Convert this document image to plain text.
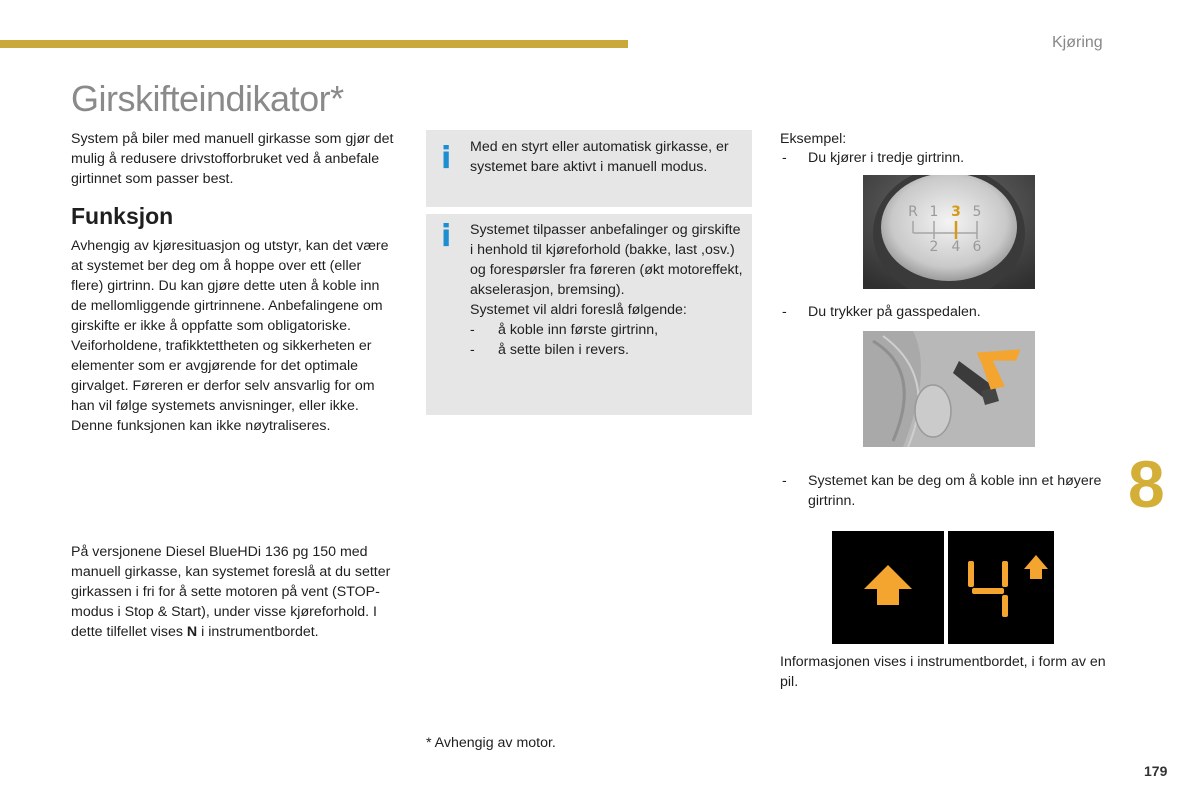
Kjøring
Girskifteindikator*

System på biler med manuell girkasse som gjør det mulig å redusere drivstofforbruket ved å anbefale girtinnet som passer best.

Funksjon

Avhengig av kjøresituasjon og utstyr, kan det være at systemet ber deg om å hoppe over ett (eller flere) girtrinn. Du kan gjøre dette uten å koble inn de mellomliggende girtrinnene. Anbefalingene om girskifte er ikke å oppfatte som obligatoriske. Veiforholdene, trafikktettheten og sikkerheten er elementer som er avgjørende for det optimale girvalget. Føreren er derfor selv ansvarlig for om han vil følge systemets anvisninger, eller ikke. Denne funksjonen kan ikke nøytraliseres.

På versjonene Diesel BlueHDi 136 pg 150 med manuell girkasse, kan systemet foreslå at du setter girkassen i fri for å sette motoren på vent (STOP-modus i Stop & Start), under visse kjøreforhold. I dette tilfellet vises N i instrumentbordet.

i Med en styrt eller automatisk girkasse, er systemet bare aktivt i manuell modus.
i Systemet tilpasser anbefalinger og girskifte i henhold til kjøreforhold (bakke, last ,osv.) og forespørsler fra føreren (økt motoreffekt, akselerasjon, bremsing).
Systemet vil aldri foreslå følgende:
- å koble inn første girtrinn,
- å sette bilen i revers.
Eksempel:
- Du kjører i tredje girtrinn.
R 1 3 5
2 4 6
- Du trykker på gasspedalen.
- Systemet kan be deg om å koble inn et høyere girtrinn.

Informasjonen vises i instrumentbordet, i form av en pil.

8
* Avhengig av motor.
179
